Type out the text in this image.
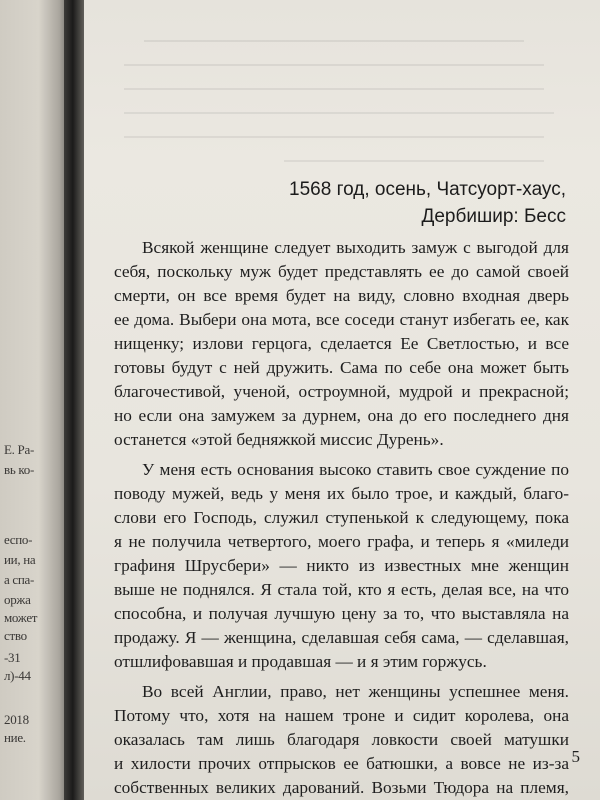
Е. Ра-
вь ко-
еспо-
ии, на
а спа-
оржа
может
ство
-31
л)-44
2018
ние.
1568 год, осень, Чатсуорт-хаус,
Дербишир: Бесс
Всякой женщине следует выходить замуж с выгодой для
себя, поскольку муж будет представлять ее до самой своей
смерти, он все время будет на виду, словно входная дверь
ее дома. Выбери она мота, все соседи станут избегать ее, как
нищенку; излови герцога, сделается Ее Светлостью, и все
готовы будут с ней дружить. Сама по себе она может быть
благочестивой, ученой, остроумной, мудрой и прекрасной;
но если она замужем за дурнем, она до его последнего дня
останется «этой бедняжкой миссис Дурень».
У меня есть основания высоко ставить свое суждение по
поводу мужей, ведь у меня их было трое, и каждый, благо-
слови его Господь, служил ступенькой к следующему, пока
я не получила четвертого, моего графа, и теперь я «миледи
графиня Шрусбери» — никто из известных мне женщин
выше не поднялся. Я стала той, кто я есть, делая все, на что
способна, и получая лучшую цену за то, что выставляла на
продажу. Я — женщина, сделавшая себя сама, — сделавшая,
отшлифовавшая и продавшая — и я этим горжусь.
Во всей Англии, право, нет женщины успешнее меня.
Потому что, хотя на нашем троне и сидит королева, она
оказалась там лишь благодаря ловкости своей матушки
и хилости прочих отпрысков ее батюшки, а вовсе не из-за
собственных великих дарований. Возьми Тюдора на племя,
5
